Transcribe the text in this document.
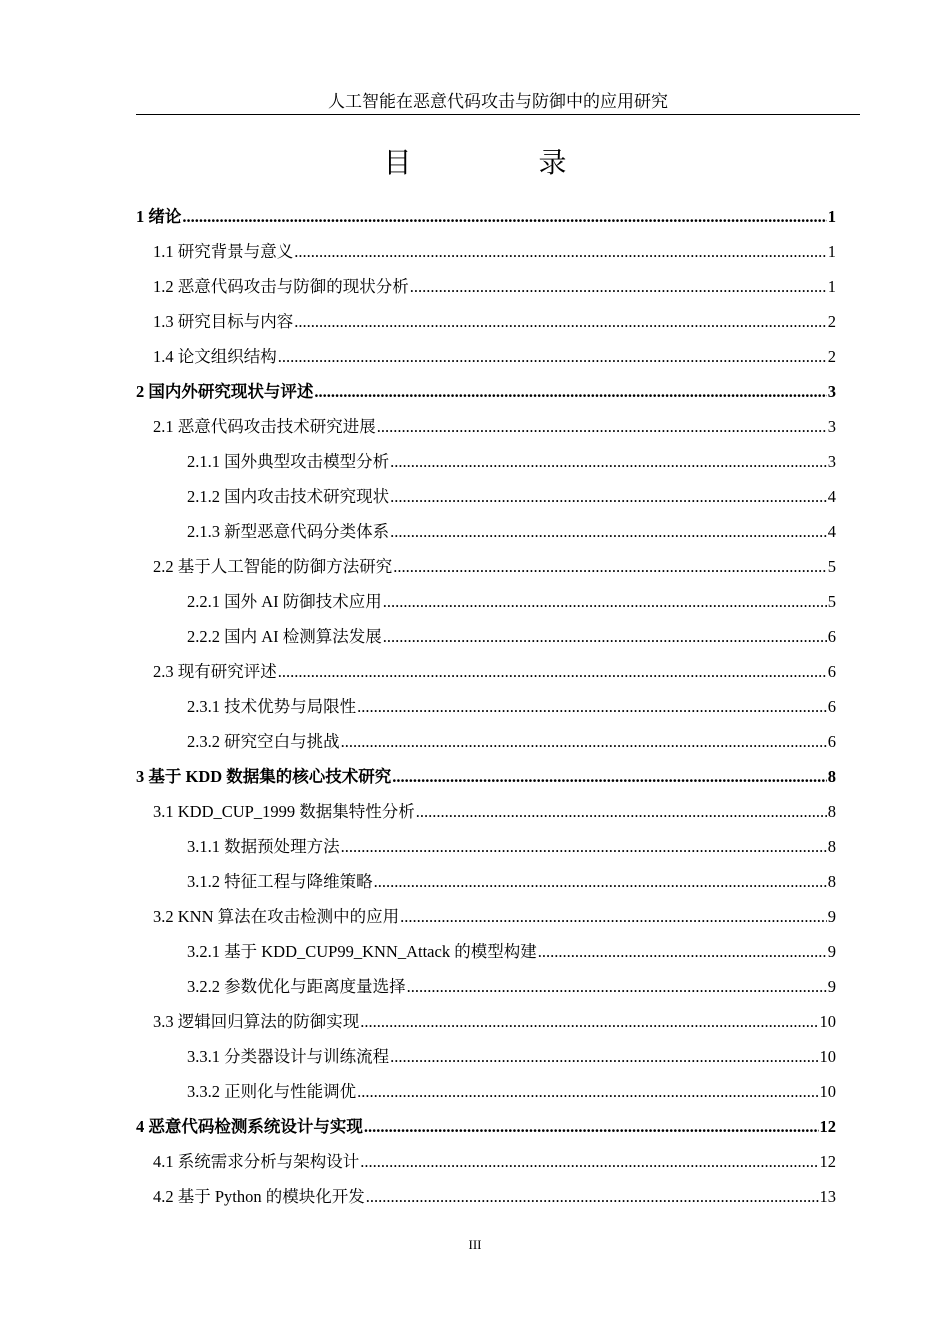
人工智能在恶意代码攻击与防御中的应用研究
目 录
1 绪论 .....	1
1.1 研究背景与意义 .....	1
1.2 恶意代码攻击与防御的现状分析 .....	1
1.3 研究目标与内容 .....	2
1.4 论文组织结构 .....	2
2 国内外研究现状与评述 .....	3
2.1 恶意代码攻击技术研究进展 .....	3
2.1.1 国外典型攻击模型分析 .....	3
2.1.2 国内攻击技术研究现状 .....	4
2.1.3 新型恶意代码分类体系 .....	4
2.2 基于人工智能的防御方法研究 .....	5
2.2.1 国外 AI 防御技术应用 .....	5
2.2.2 国内 AI 检测算法发展 .....	6
2.3 现有研究评述 .....	6
2.3.1 技术优势与局限性 .....	6
2.3.2 研究空白与挑战 .....	6
3 基于 KDD 数据集的核心技术研究 .....	8
3.1 KDD_CUP_1999 数据集特性分析 .....	8
3.1.1 数据预处理方法 .....	8
3.1.2 特征工程与降维策略 .....	8
3.2 KNN 算法在攻击检测中的应用 .....	9
3.2.1 基于 KDD_CUP99_KNN_Attack 的模型构建 .....	9
3.2.2 参数优化与距离度量选择 .....	9
3.3 逻辑回归算法的防御实现 .....	10
3.3.1 分类器设计与训练流程 .....	10
3.3.2 正则化与性能调优 .....	10
4 恶意代码检测系统设计与实现 .....	12
4.1 系统需求分析与架构设计 .....	12
4.2 基于 Python 的模块化开发 .....	13
III
